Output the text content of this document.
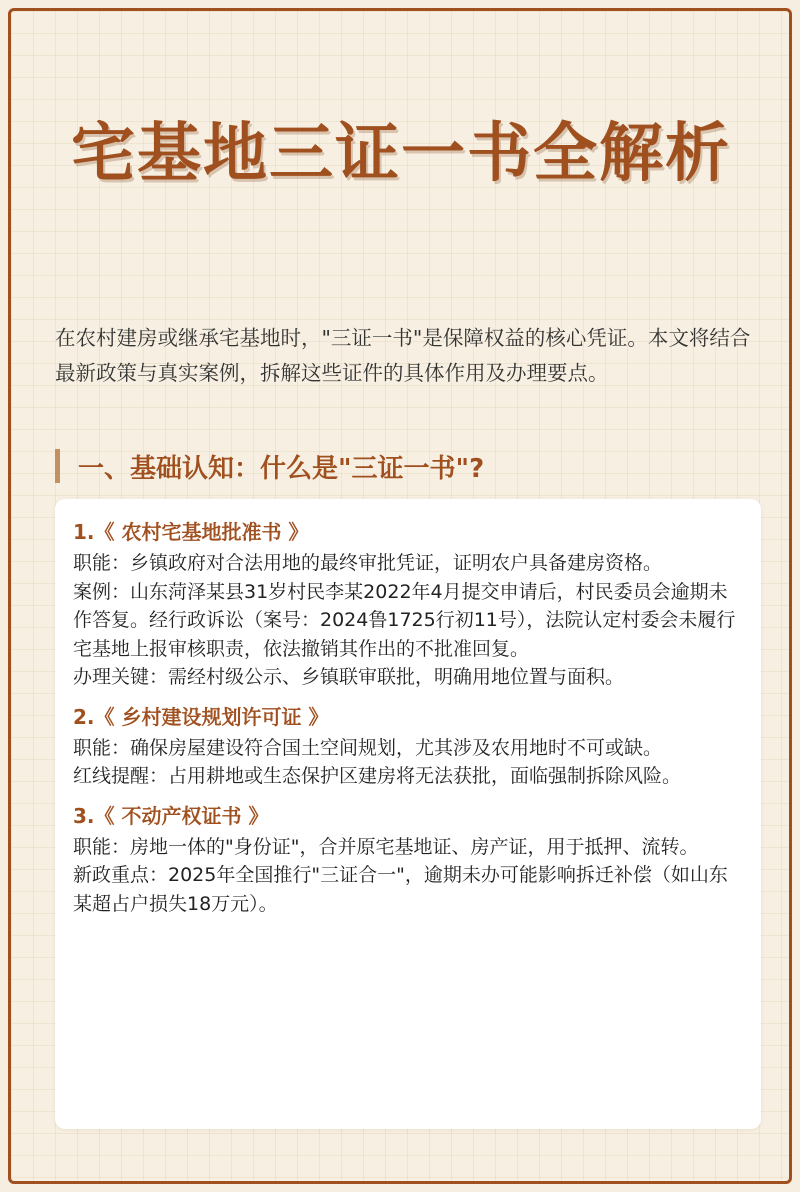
宅基地三证一书全解析
在农村建房或继承宅基地时，"三证一书"是保障权益的核心凭证。本文将结合最新政策与真实案例，拆解这些证件的具体作用及办理要点。
一、基础认知：什么是"三证一书"?
1.《 农村宅基地批准书 》

职能：乡镇政府对合法用地的最终审批凭证，证明农户具备建房资格。

案例：山东菏泽某县31岁村民李某2022年4月提交申请后，村民委员会逾期未作答复。经行政诉讼（案号：2024鲁1725行初11号），法院认定村委会未履行宅基地上报审核职责，依法撤销其作出的不批准回复。

办理关键：需经村级公示、乡镇联审联批，明确用地位置与面积。

2.《 乡村建设规划许可证 》

职能：确保房屋建设符合国土空间规划，尤其涉及农用地时不可或缺。

红线提醒：占用耕地或生态保护区建房将无法获批，面临强制拆除风险。

3.《 不动产权证书 》

职能：房地一体的"身份证"，合并原宅基地证、房产证，用于抵押、流转。

新政重点：2025年全国推行"三证合一"，逾期未办可能影响拆迁补偿（如山东某超占户损失18万元）。
